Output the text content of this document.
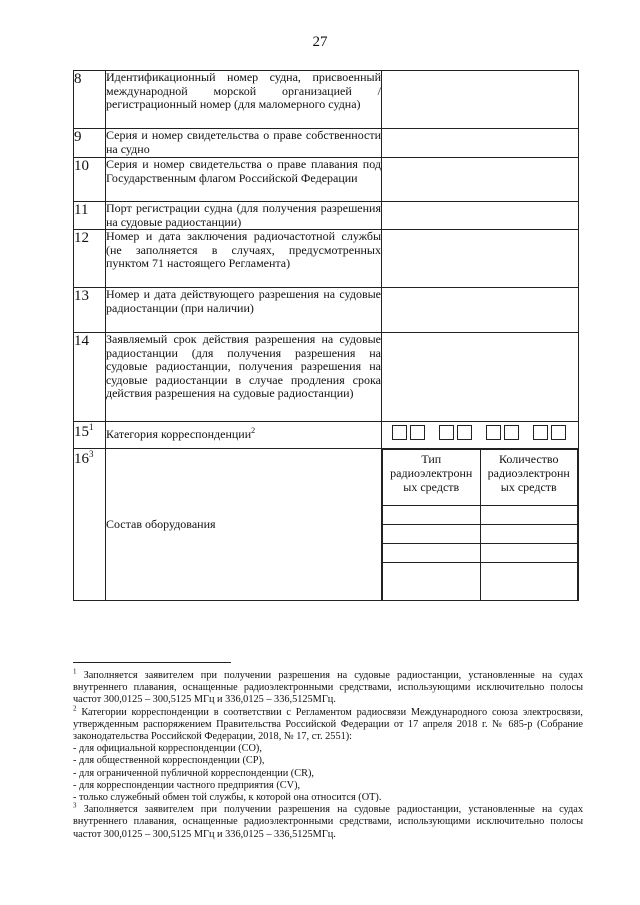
27
8	Идентификационный номер судна, присвоенный международной морской организацией / регистрационный номер (для маломерного судна)	
9	Серия и номер свидетельства о праве собственности на судно	
10	Серия и номер свидетельства о праве плавания под Государственным флагом Российской Федерации	
11	Порт регистрации судна (для получения разрешения на судовые радиостанции)	
12	Номер и дата заключения радиочастотной службы (не заполняется в случаях, предусмотренных пунктом 71 настоящего Регламента)	
13	Номер и дата действующего разрешения на судовые радиостанции (при наличии)	
14	Заявляемый срок действия разрешения на судовые радиостанции (для получения разрешения на судовые радиостанции, получения разрешения на судовые радиостанции в случае продления срока действия разрешения на судовые радиостанции)	
$15^1$	Категория корреспонденции$^2$	

$16^3$	Состав оборудования	
Тип радиоэлектронн ых средств	Количество радиоэлектронн ых средств

$^1$ Заполняется заявителем при получении разрешения на судовые радиостанции, установленные на судах внутреннего плавания, оснащенные радиоэлектронными средствами, использующими исключительно полосы частот 300,0125 – 300,5125 МГц и 336,0125 – 336,5125МГц.

$^2$ Категории корреспонденции в соответствии с Регламентом радиосвязи Международного союза электросвязи, утвержденным распоряжением Правительства Российской Федерации от 17 апреля 2018 г. № 685-р (Собрание законодательства Российской Федерации, 2018, № 17, ст. 2551):

- для официальной корреспонденции (СО),

- для общественной корреспонденции (СР),

- для ограниченной публичной корреспонденции (CR),

- для корреспонденции частного предприятия (CV),

- только служебный обмен той службы, к которой она относится (ОТ).

$^3$ Заполняется заявителем при получении разрешения на судовые радиостанции, установленные на судах внутреннего плавания, оснащенные радиоэлектронными средствами, использующими исключительно полосы частот 300,0125 – 300,5125 МГц и 336,0125 – 336,5125МГц.
